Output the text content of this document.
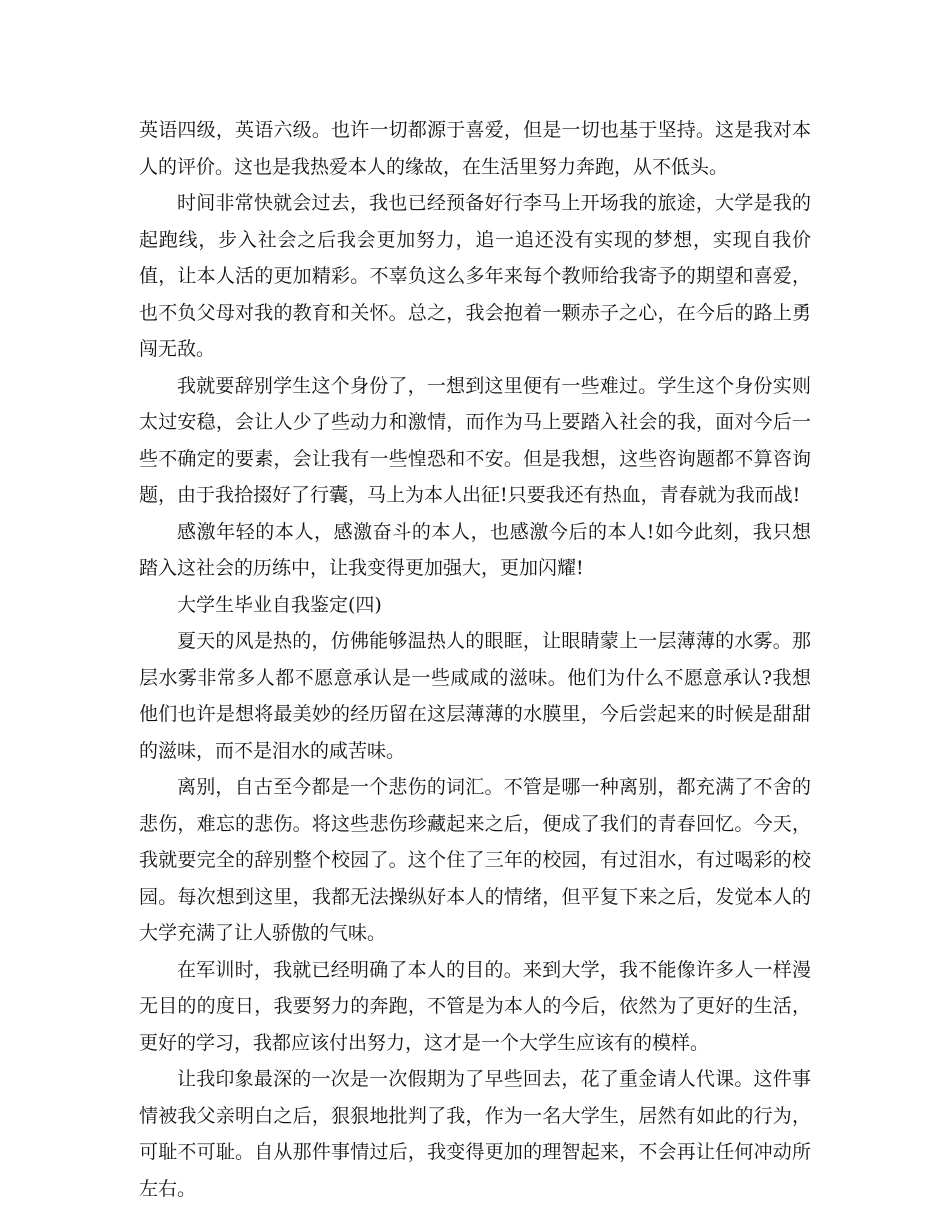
英语四级，英语六级。也许一切都源于喜爱，但是一切也基于坚持。这是我对本人的评价。这也是我热爱本人的缘故，在生活里努力奔跑，从不低头。

时间非常快就会过去，我也已经预备好行李马上开场我的旅途，大学是我的起跑线，步入社会之后我会更加努力，追一追还没有实现的梦想，实现自我价值，让本人活的更加精彩。不辜负这么多年来每个教师给我寄予的期望和喜爱，也不负父母对我的教育和关怀。总之，我会抱着一颗赤子之心，在今后的路上勇闯无敌。

我就要辞别学生这个身份了，一想到这里便有一些难过。学生这个身份实则太过安稳，会让人少了些动力和激情，而作为马上要踏入社会的我，面对今后一些不确定的要素，会让我有一些惶恐和不安。但是我想，这些咨询题都不算咨询题，由于我拾掇好了行囊，马上为本人出征!只要我还有热血，青春就为我而战!

感激年轻的本人，感激奋斗的本人，也感激今后的本人!如今此刻，我只想踏入这社会的历练中，让我变得更加强大，更加闪耀!

大学生毕业自我鉴定(四)

夏天的风是热的，仿佛能够温热人的眼眶，让眼睛蒙上一层薄薄的水雾。那层水雾非常多人都不愿意承认是一些咸咸的滋味。他们为什么不愿意承认?我想他们也许是想将最美妙的经历留在这层薄薄的水膜里，今后尝起来的时候是甜甜的滋味，而不是泪水的咸苦味。

离别，自古至今都是一个悲伤的词汇。不管是哪一种离别，都充满了不舍的悲伤，难忘的悲伤。将这些悲伤珍藏起来之后，便成了我们的青春回忆。今天，我就要完全的辞别整个校园了。这个住了三年的校园，有过泪水，有过喝彩的校园。每次想到这里，我都无法操纵好本人的情绪，但平复下来之后，发觉本人的大学充满了让人骄傲的气味。

在军训时，我就已经明确了本人的目的。来到大学，我不能像许多人一样漫无目的的度日，我要努力的奔跑，不管是为本人的今后，依然为了更好的生活，更好的学习，我都应该付出努力，这才是一个大学生应该有的模样。

让我印象最深的一次是一次假期为了早些回去，花了重金请人代课。这件事情被我父亲明白之后，狠狠地批判了我，作为一名大学生，居然有如此的行为，可耻不可耻。自从那件事情过后，我变得更加的理智起来，不会再让任何冲动所左右。
